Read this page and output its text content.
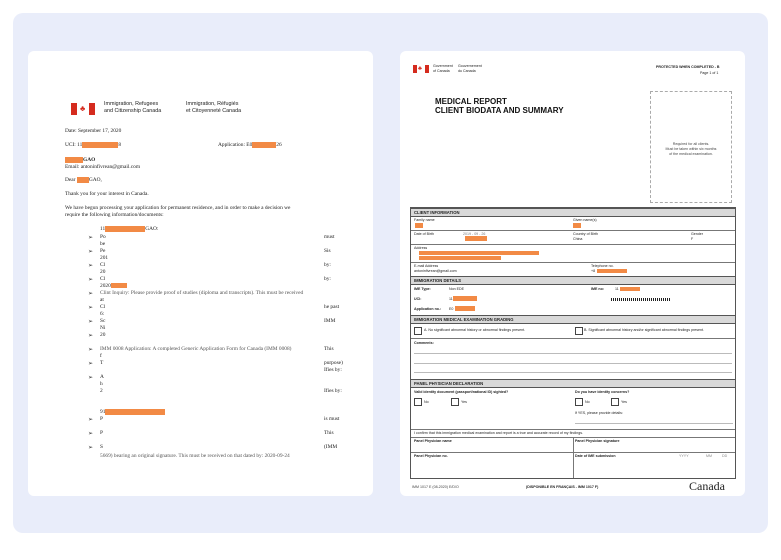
♣	Immigration, Refugees
and Citizenship Canada
Immigration, Réfugiés
et Citoyenneté Canada
Date: September 17, 2020
UCI: 11	8	Application: E0	26
GAO
Email: antoninfivrean@gmail.com
Dear GAO,
Thank you for your interest in Canada.
We have begun processing your application for permanent residence, and in order to make a decision we
require the following information/documents:
11	GAO:
➢ Po	must
be
➢ Pe	Sis
201
➢ Cl	by:
20
➢ Cl	by:
2020
➢ Clint Inquiry: Please provide proof of studies (diploma and transcripts). This must be received
at
➢ Cl	he past
6:
➢ Sc	IMM
Ni
➢ 20
➢ IMM 0008 Application: A completed Generic Application Form for Canada (IMM 0008)	This
f
➢ T	purpose)
Ifies by:
➢ A
Ifies by:
h
2
91
➢ P	is must
➢ P	This
➢ S	(IMM
5669) bearing an original signature. This must be received on that dated by: 2020-09-24
♣	Government
of Canada
Gouvernement
du Canada
PROTECTED WHEN COMPLETED - B
Page 1 of 1
MEDICAL REPORT
CLIENT BIODATA AND SUMMARY
Required for all clients.
Must be taken within six months
of the medical examination.
CLIENT INFORMATION
Family name	Given name(s)
Date of Birth	2019 - 09 - 26	Country of Birth
China
Gender
F
Address
E-mail Address
antoninfivrean@gmail.com
Telephone no.
+8
IMMIGRATION DETAILS
IME Type:	Non EDE	IME no:	11
UCI:	11
Application no.: E0
IMMIGRATION MEDICAL EXAMINATION GRADING
A. No significant abnormal history or abnormal findings present.	B. Significant abnormal history and/or significant abnormal findings present.
Comments:
PANEL PHYSICIAN DECLARATION
Valid identity document (passport/national ID) sighted?	Do you have identity concerns?
No	Yes	No	Yes
If YES, please provide details:
I confirm that this immigration medical examination and report is a true and accurate record of my findings.
Panel Physician name	Panel Physician signature
Panel Physician no.	Date of IME submission	YYYY	MM	DD
IMM 1017 E (08-2020) E/D/O	(DISPONIBLE EN FRANÇAIS - IMM 1017 F)	Canada
